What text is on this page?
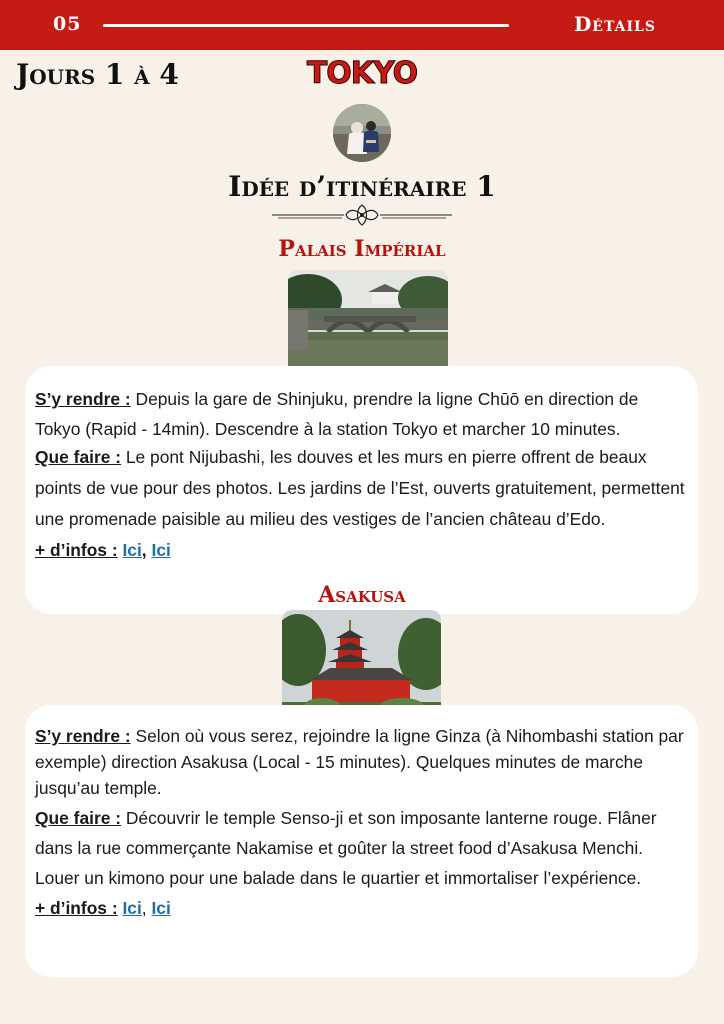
05	Détails
Jours 1 à 4	TOKYO
Idée d’itinéraire 1
Palais Impérial
S’y rendre : Depuis la gare de Shinjuku, prendre la ligne Chūō en direction de Tokyo (Rapid - 14min). Descendre à la station Tokyo et marcher 10 minutes.
Que faire : Le pont Nijubashi, les douves et les murs en pierre offrent de beaux points de vue pour des photos. Les jardins de l’Est, ouverts gratuitement, permettent une promenade paisible au milieu des vestiges de l’ancien château d’Edo.
+ d’infos : Ici, Ici
Asakusa
S’y rendre : Selon où vous serez, rejoindre la ligne Ginza (à Nihombashi station par exemple) direction Asakusa (Local - 15 minutes). Quelques minutes de marche jusqu’au temple.
Que faire : Découvrir le temple Senso-ji et son imposante lanterne rouge. Flâner dans la rue commerçante Nakamise et goûter la street food d’Asakusa Menchi. Louer un kimono pour une balade dans le quartier et immortaliser l’expérience.
+ d’infos : Ici, Ici
